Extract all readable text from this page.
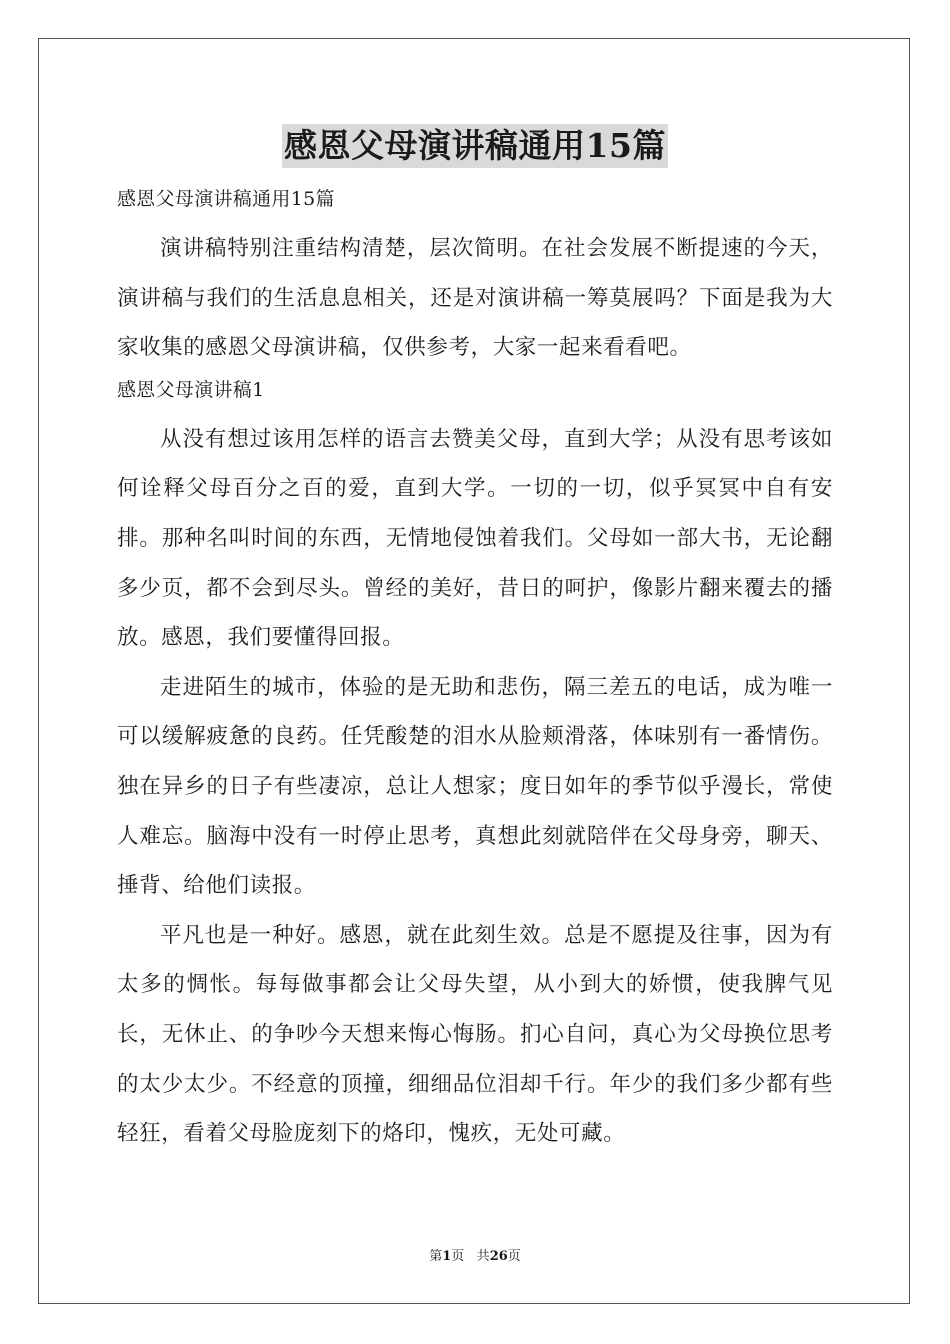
感恩父母演讲稿通用15篇

感恩父母演讲稿通用15篇

演讲稿特别注重结构清楚，层次简明。在社会发展不断提速的今天，演讲稿与我们的生活息息相关，还是对演讲稿一筹莫展吗？下面是我为大家收集的感恩父母演讲稿，仅供参考，大家一起来看看吧。

感恩父母演讲稿1

从没有想过该用怎样的语言去赞美父母，直到大学；从没有思考该如何诠释父母百分之百的爱，直到大学。一切的一切，似乎冥冥中自有安排。那种名叫时间的东西，无情地侵蚀着我们。父母如一部大书，无论翻多少页，都不会到尽头。曾经的美好，昔日的呵护，像影片翻来覆去的播放。感恩，我们要懂得回报。

走进陌生的城市，体验的是无助和悲伤，隔三差五的电话，成为唯一可以缓解疲惫的良药。任凭酸楚的泪水从脸颊滑落，体味别有一番情伤。独在异乡的日子有些凄凉，总让人想家；度日如年的季节似乎漫长，常使人难忘。脑海中没有一时停止思考，真想此刻就陪伴在父母身旁，聊天、捶背、给他们读报。

平凡也是一种好。感恩，就在此刻生效。总是不愿提及往事，因为有太多的惆怅。每每做事都会让父母失望，从小到大的娇惯，使我脾气见长，无休止、的争吵今天想来悔心悔肠。扪心自问，真心为父母换位思考的太少太少。不经意的顶撞，细细品位泪却千行。年少的我们多少都有些轻狂，看着父母脸庞刻下的烙印，愧疚，无处可藏。

第1页 共26页
